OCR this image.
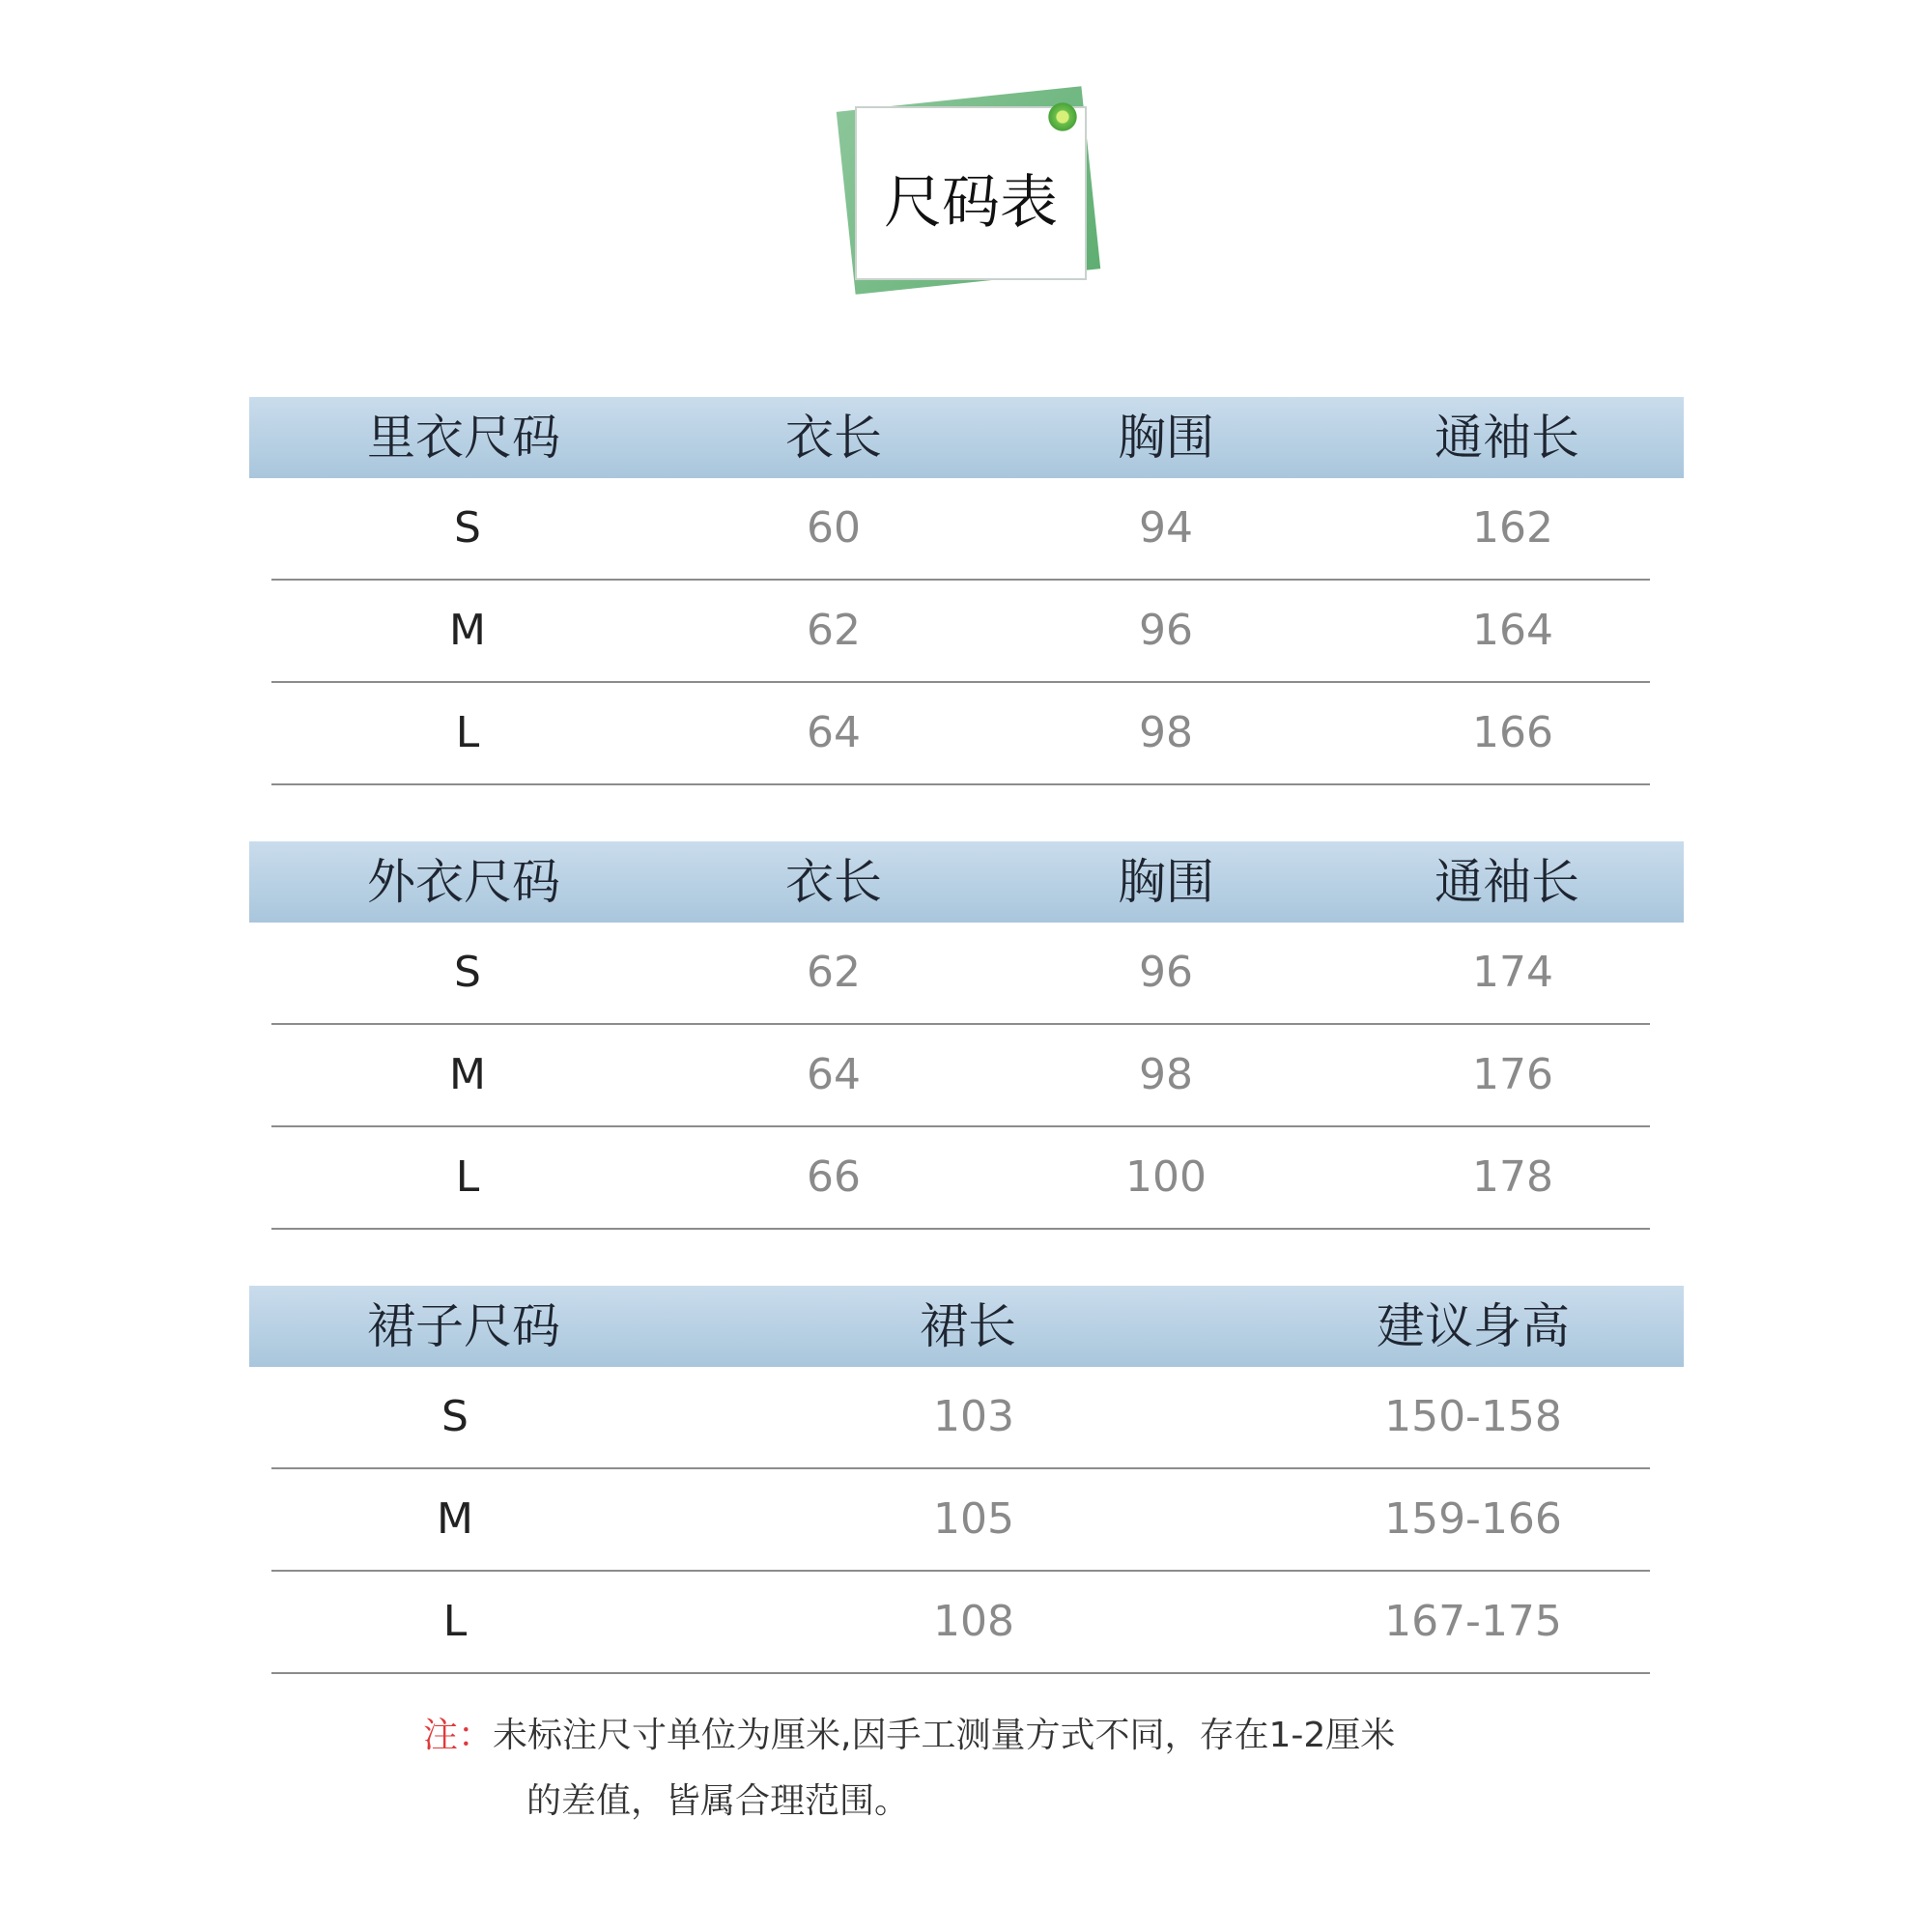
尺码表
里衣尺码	衣长	胸围	通袖长
S	60	94	162
M	62	96	164
L	64	98	166
外衣尺码	衣长	胸围	通袖长
S	62	96	174
M	64	98	176
L	66	100	178
裙子尺码	裙长	建议身高
S	103	150-158
M	105	159-166
L	108	167-175
注：未标注尺寸单位为厘米,因手工测量方式不同，存在1-2厘米
的差值，皆属合理范围。
